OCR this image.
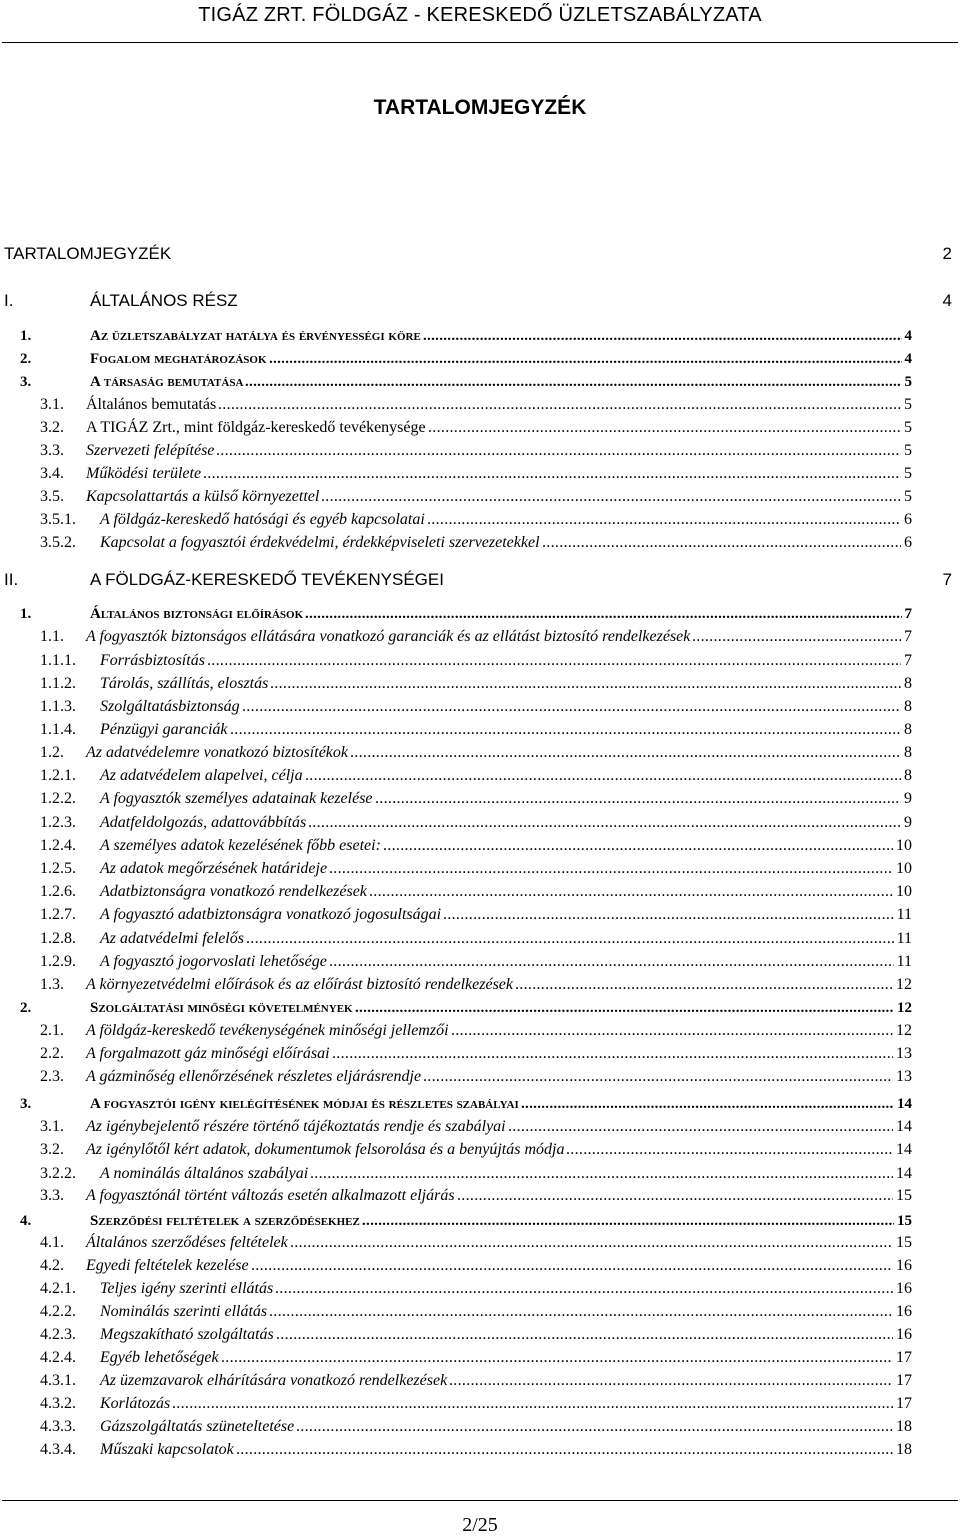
TIGÁZ ZRT. FÖLDGÁZ - KERESKEDŐ ÜZLETSZABÁLYZATA
TARTALOMJEGYZÉK
TARTALOMJEGYZÉK	2
I.	ÁLTALÁNOS RÉSZ	4
1.	Az üzletszabályzat hatálya és érvényességi köre .....	4
2.	Fogalom meghatározások .....	4
3.	A társaság bemutatása .....	5
3.1. Általános bemutatás .....	5
3.2. A TIGÁZ Zrt., mint földgáz-kereskedő tevékenysége .....	5
3.3. Szervezeti felépítése .....	5
3.4. Működési területe .....	5
3.5. Kapcsolattartás a külső környezettel .....	5
3.5.1. A földgáz-kereskedő hatósági és egyéb kapcsolatai .....	6
3.5.2. Kapcsolat a fogyasztói érdekvédelmi, érdekképviseleti szervezetekkel .....	6
II.	A FÖLDGÁZ-KERESKEDŐ TEVÉKENYSÉGEI	7
1.	Általános biztonsági előírások .....	7
1.1. A fogyasztók biztonságos ellátására vonatkozó garanciák és az ellátást biztosító rendelkezések .....	7
1.1.1. Forrásbiztosítás .....	7
1.1.2. Tárolás, szállítás, elosztás .....	8
1.1.3. Szolgáltatásbiztonság .....	8
1.1.4. Pénzügyi garanciák .....	8
1.2. Az adatvédelemre vonatkozó biztosítékok .....	8
1.2.1. Az adatvédelem alapelvei, célja .....	8
1.2.2. A fogyasztók személyes adatainak kezelése .....	9
1.2.3. Adatfeldolgozás, adattovábbítás .....	9
1.2.4. A személyes adatok kezelésének főbb esetei: .....	10
1.2.5. Az adatok megőrzésének határideje .....	10
1.2.6. Adatbiztonságra vonatkozó rendelkezések .....	10
1.2.7. A fogyasztó adatbiztonságra vonatkozó jogosultságai .....	11
1.2.8. Az adatvédelmi felelős .....	11
1.2.9. A fogyasztó jogorvoslati lehetősége .....	11
1.3. A környezetvédelmi előírások és az előírást biztosító rendelkezések .....	12
2.	Szolgáltatási minőségi követelmények .....	12
2.1. A földgáz-kereskedő tevékenységének minőségi jellemzői .....	12
2.2. A forgalmazott gáz minőségi előírásai .....	13
2.3. A gázminőség ellenőrzésének részletes eljárásrendje .....	13
3.	A fogyasztói igény kielégítésének módjai és részletes szabályai .....	14
3.1. Az igénybejelentő részére történő tájékoztatás rendje és szabályai .....	14
3.2. Az igénylőtől kért adatok, dokumentumok felsorolása és a benyújtás módja .....	14
3.2.2. A nominálás általános szabályai .....	14
3.3. A fogyasztónál történt változás esetén alkalmazott eljárás .....	15
4.	Szerződési feltételek a szerződésekhez .....	15
4.1. Általános szerződéses feltételek .....	15
4.2. Egyedi feltételek kezelése .....	16
4.2.1. Teljes igény szerinti ellátás .....	16
4.2.2. Nominálás szerinti ellátás .....	16
4.2.3. Megszakítható szolgáltatás .....	16
4.2.4. Egyéb lehetőségek .....	17
4.3.1. Az üzemzavarok elhárítására vonatkozó rendelkezések .....	17
4.3.2. Korlátozás .....	17
4.3.3. Gázszolgáltatás szüneteltetése .....	18
4.3.4. Műszaki kapcsolatok .....	18
2/25
